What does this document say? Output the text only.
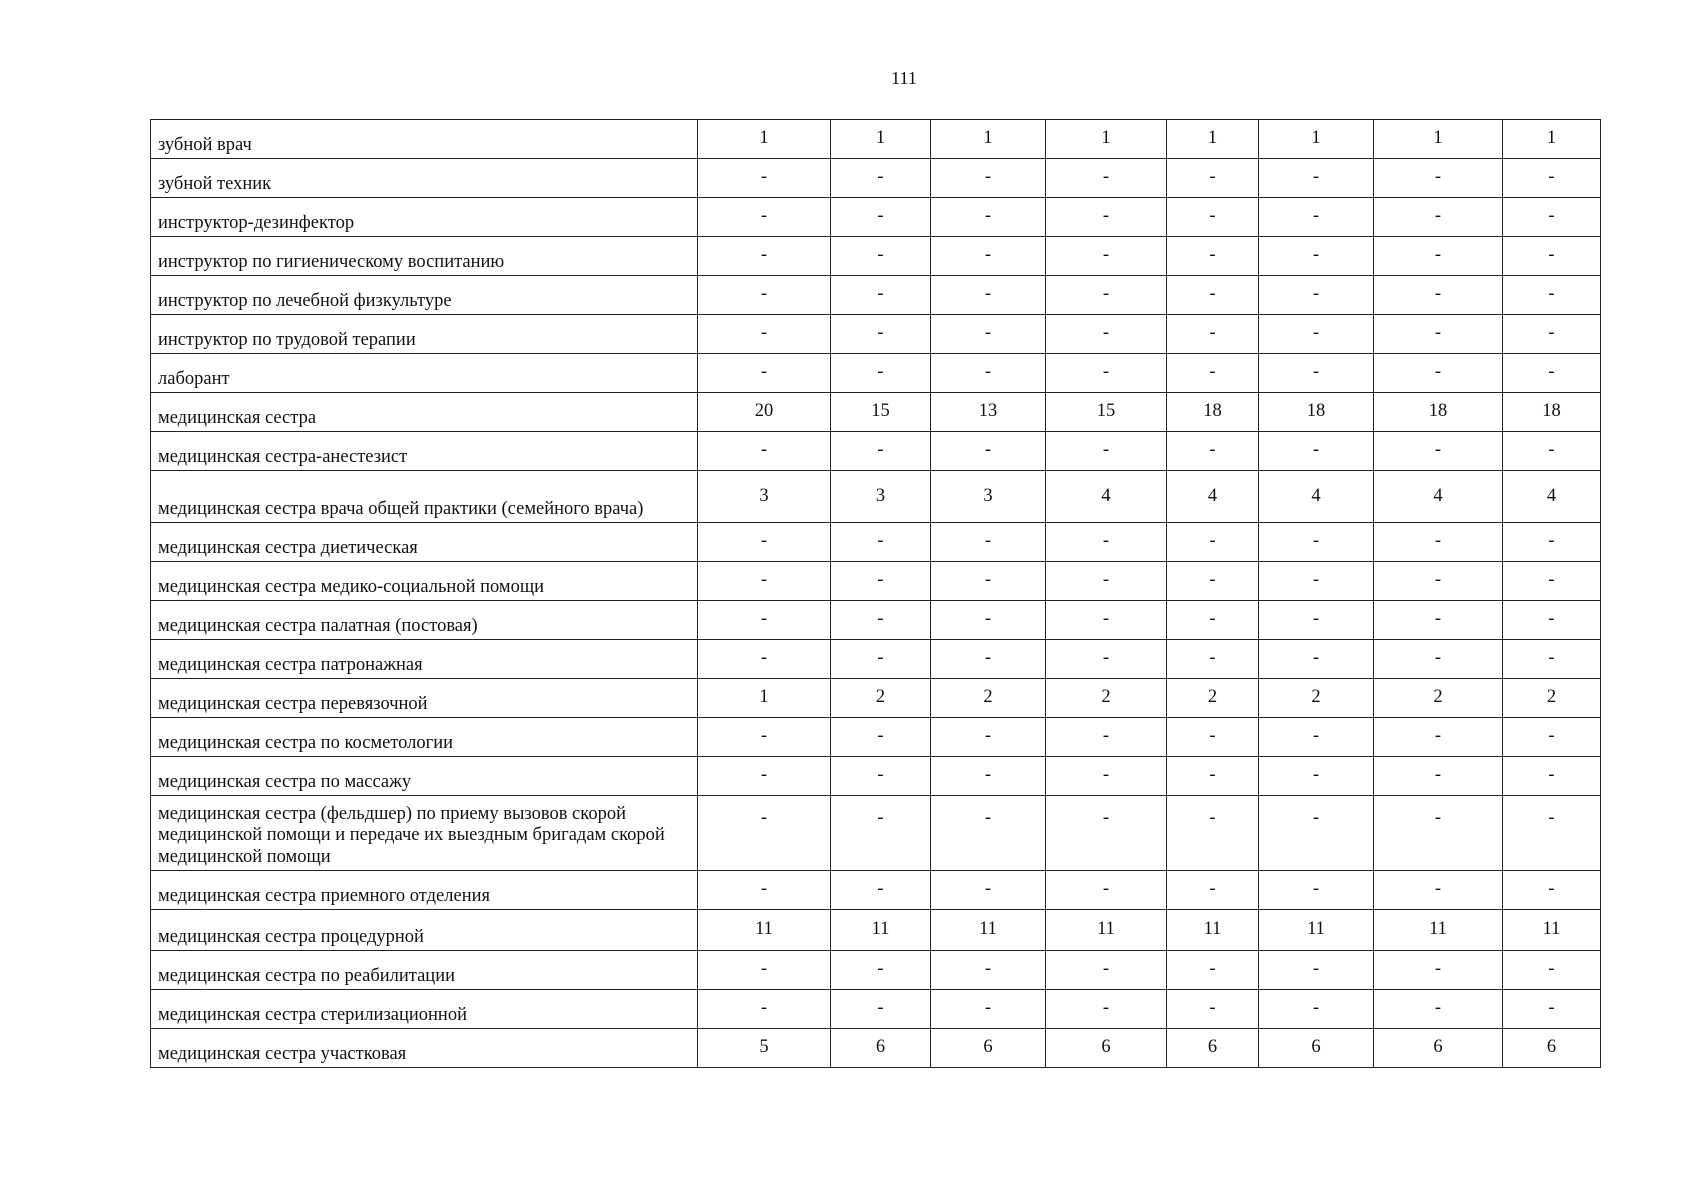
111
зубной врач	1	1	1	1	1	1	1	1
зубной техник	-	-	-	-	-	-	-	-
инструктор-дезинфектор	-	-	-	-	-	-	-	-
инструктор по гигиеническому воспитанию	-	-	-	-	-	-	-	-
инструктор по лечебной физкультуре	-	-	-	-	-	-	-	-
инструктор по трудовой терапии	-	-	-	-	-	-	-	-
лаборант	-	-	-	-	-	-	-	-
медицинская сестра	20	15	13	15	18	18	18	18
медицинская сестра-анестезист	-	-	-	-	-	-	-	-
медицинская сестра врача общей практики (семейного врача)	3	3	3	4	4	4	4	4
медицинская сестра диетическая	-	-	-	-	-	-	-	-
медицинская сестра медико-социальной помощи	-	-	-	-	-	-	-	-
медицинская сестра палатная (постовая)	-	-	-	-	-	-	-	-
медицинская сестра патронажная	-	-	-	-	-	-	-	-
медицинская сестра перевязочной	1	2	2	2	2	2	2	2
медицинская сестра по косметологии	-	-	-	-	-	-	-	-
медицинская сестра по массажу	-	-	-	-	-	-	-	-
медицинская сестра (фельдшер) по приему вызовов скорой медицинской помощи и передаче их выездным бригадам скорой медицинской помощи	-	-	-	-	-	-	-	-
медицинская сестра приемного отделения	-	-	-	-	-	-	-	-
медицинская сестра процедурной	11	11	11	11	11	11	11	11
медицинская сестра по реабилитации	-	-	-	-	-	-	-	-
медицинская сестра стерилизационной	-	-	-	-	-	-	-	-
медицинская сестра участковая	5	6	6	6	6	6	6	6
